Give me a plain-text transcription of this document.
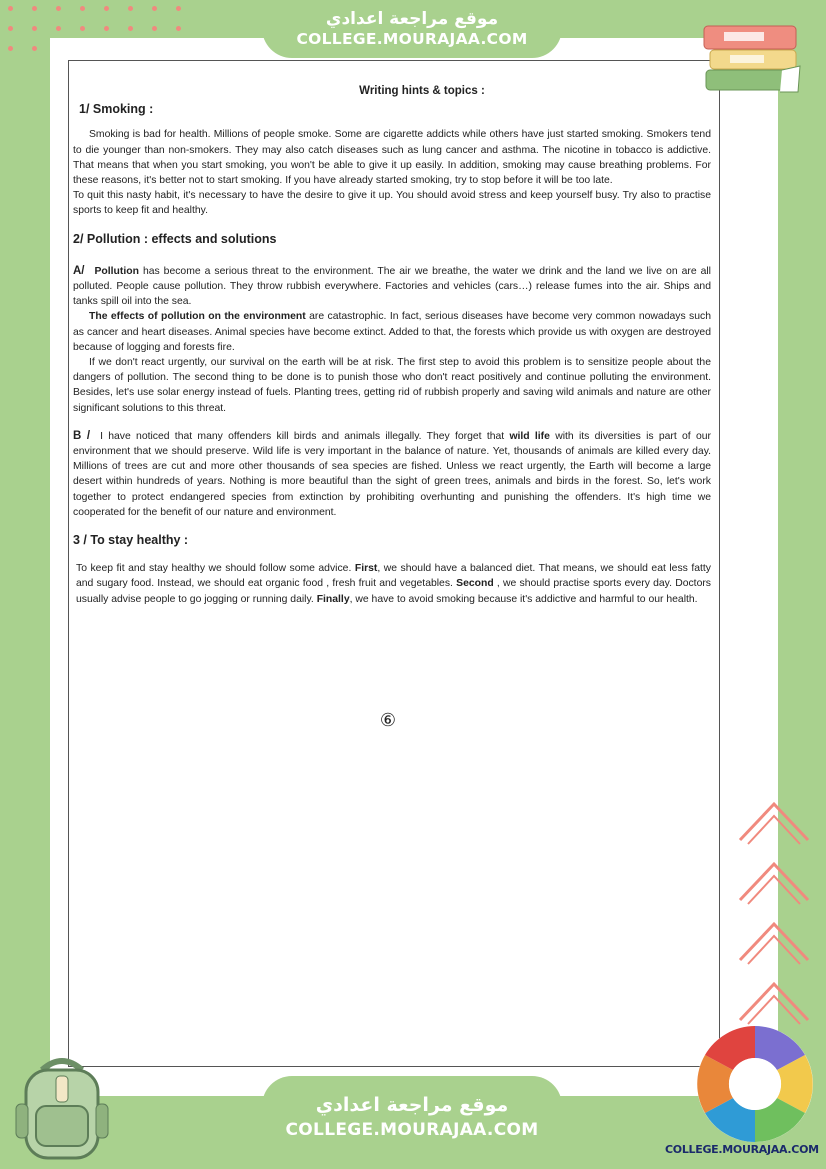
موقع مراجعة اعدادي
COLLEGE.MOURAJAA.COM
Writing hints & topics :
1/ Smoking :

Smoking is bad for health. Millions of people smoke. Some are cigarette addicts while others have just started smoking. Smokers tend to die younger than non-smokers. They may also catch diseases such as lung cancer and asthma. The nicotine in tobacco is addictive. That means that when you start smoking, you won't be able to give it up easily. In addition, smoking may cause breathing problems. For these reasons, it's better not to start smoking. If you have already started smoking, try to stop before it will be too late.

To quit this nasty habit, it's necessary to have the desire to give it up. You should avoid stress and keep yourself busy. Try also to practise sports to keep fit and healthy.

2/ Pollution : effects and solutions

A/ Pollution has become a serious threat to the environment. The air we breathe, the water we drink and the land we live on are all polluted. People cause pollution. They throw rubbish everywhere. Factories and vehicles (cars…) release fumes into the air. Ships and tanks spill oil into the sea.

The effects of pollution on the environment are catastrophic. In fact, serious diseases have become very common nowadays such as cancer and heart diseases. Animal species have become extinct. Added to that, the forests which provide us with oxygen are destroyed because of logging and forests fire.

If we don't react urgently, our survival on the earth will be at risk. The first step to avoid this problem is to sensitize people about the dangers of pollution. The second thing to be done is to punish those who don't react positively and continue polluting the environment. Besides, let's use solar energy instead of fuels. Planting trees, getting rid of rubbish properly and saving wild animals and nature are other significant solutions to this threat.

B / I have noticed that many offenders kill birds and animals illegally. They forget that wild life with its diversities is part of our environment that we should preserve. Wild life is very important in the balance of nature. Yet, thousands of animals are killed every day. Millions of trees are cut and more other thousands of sea species are fished. Unless we react urgently, the Earth will become a large desert within hundreds of years. Nothing is more beautiful than the sight of green trees, animals and birds in the forest. So, let's work together to protect endangered species from extinction by prohibiting overhunting and punishing the offenders. It's high time we cooperated for the benefit of our nature and environment.

3 / To stay healthy :

To keep fit and stay healthy we should follow some advice. First, we should have a balanced diet. That means, we should eat less fatty and sugary food. Instead, we should eat organic food , fresh fruit and vegetables. Second , we should practise sports every day. Doctors usually advise people to go jogging or running daily. Finally, we have to avoid smoking because it's addictive and harmful to our health.

⑥
موقع مراجعة اعدادي
COLLEGE.MOURAJAA.COM
COLLEGE.MOURAJAA.COM
